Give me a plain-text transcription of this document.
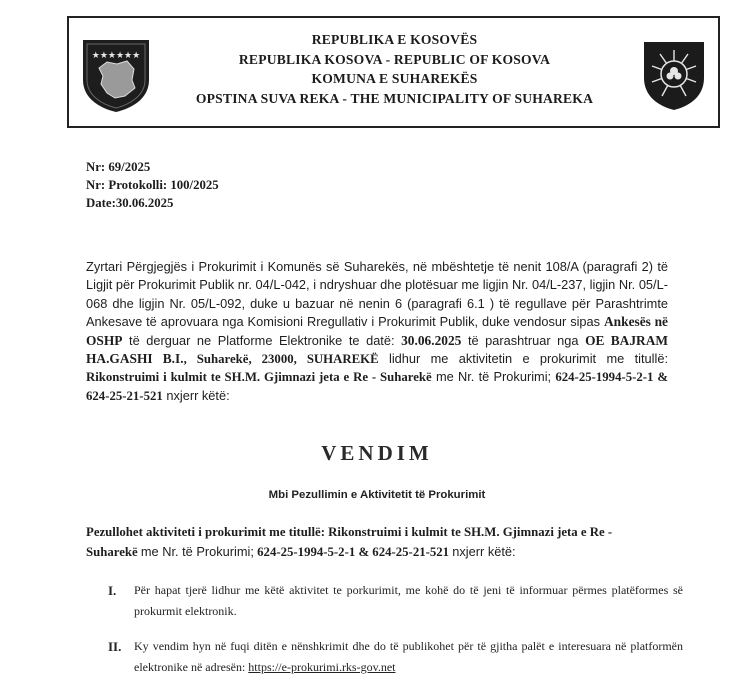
★★★★★★
REPUBLIKA E KOSOVËS
REPUBLIKA KOSOVA - REPUBLIC OF KOSOVA
KOMUNA E SUHAREKËS
OPSTINA SUVA REKA - THE MUNICIPALITY OF SUHAREKA
Nr: 69/2025
Nr: Protokolli: 100/2025
Date:30.06.2025
Zyrtari Përgjegjës i Prokurimit i Komunës së Suharekës, në mbështetje të nenit 108/A (paragrafi 2) të Ligjit për Prokurimit Publik nr. 04/L-042, i ndryshuar dhe plotësuar me ligjin Nr. 04/L-237, ligjin Nr. 05/L-068 dhe ligjin Nr. 05/L-092, duke u bazuar në nenin 6 (paragrafi 6.1 ) të regullave për Parashtrimte Ankesave të aprovuara nga Komisioni Rregullativ i Prokurimit Publik, duke vendosur sipas Ankesës në OSHP të derguar ne Platforme Elektronike te datë: 30.06.2025 të parashtruar nga OE BAJRAM HA.GASHI B.I., Suharekë, 23000, SUHAREKË lidhur me aktivitetin e prokurimit me titullë: Rikonstruimi i kulmit te SH.M. Gjimnazi jeta e Re - Suharekë me Nr. të Prokurimi; 624-25-1994-5-2-1 & 624-25-21-521 nxjerr këtë:
VENDIM
Mbi Pezullimin e Aktivitetit të Prokurimit
Pezullohet aktiviteti i prokurimit me titullë: Rikonstruimi i kulmit te SH.M. Gjimnazi jeta e Re - Suharekë me Nr. të Prokurimi; 624-25-1994-5-2-1 & 624-25-21-521 nxjerr këtë:
I. Për hapat tjerë lidhur me këtë aktivitet te porkurimit, me kohë do të jeni të informuar përmes platëformes së prokurmit elektronik.
II. Ky vendim hyn në fuqi ditën e nënshkrimit dhe do të publikohet për të gjitha palët e interesuara në platformën elektronike në adresën: https://e-prokurimi.rks-gov.net
